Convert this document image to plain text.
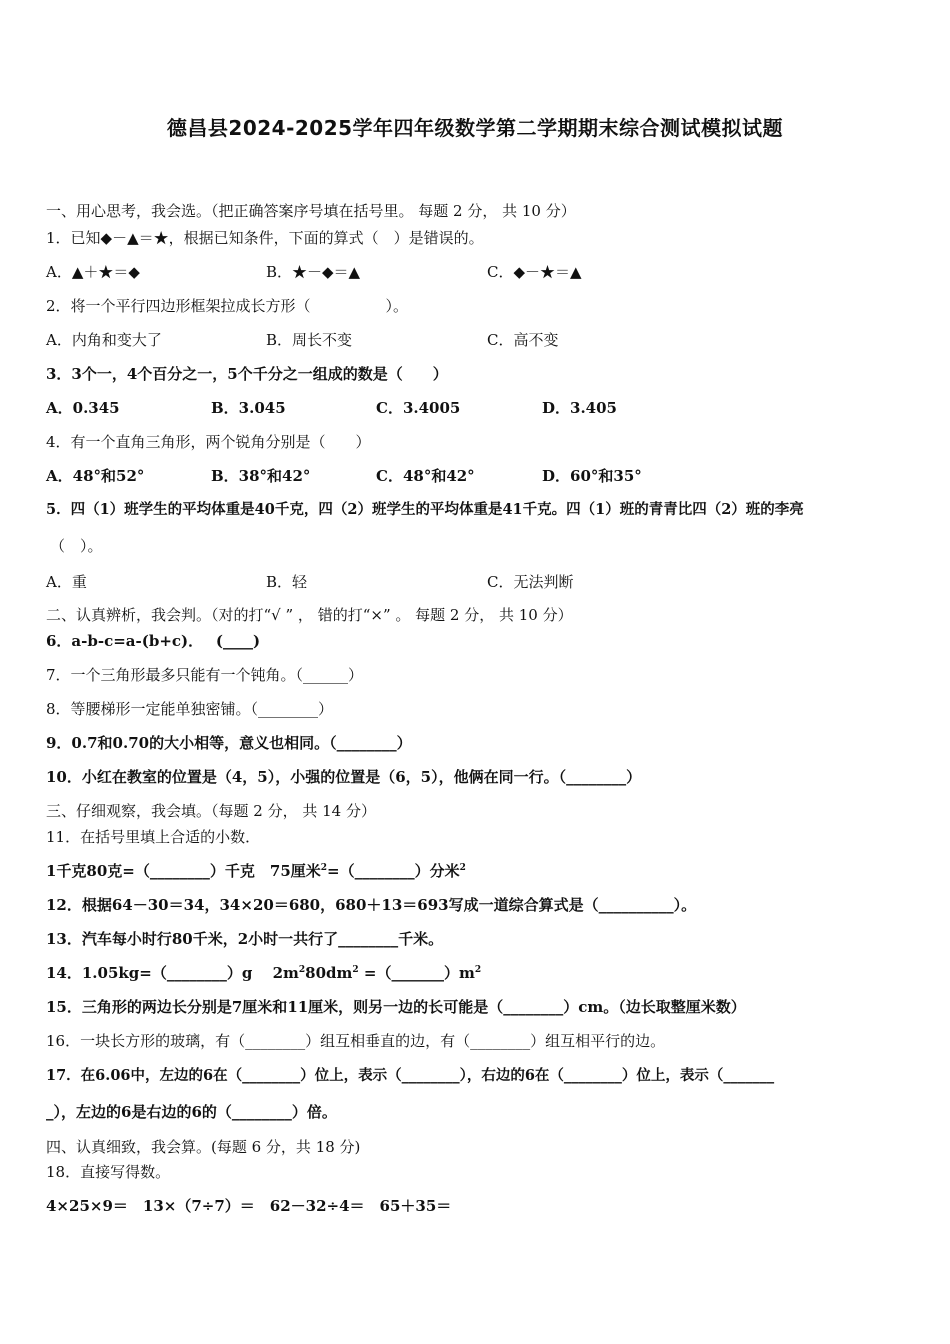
德昌县2024-2025学年四年级数学第二学期期末综合测试模拟试题
一、用心思考，我会选。（把正确答案序号填在括号里。 每题 2 分， 共 10 分）
1．已知◆－▲＝★，根据已知条件，下面的算式（　）是错误的。
A．▲＋★＝◆	B．★－◆＝▲	C．◆－★＝▲
2．将一个平行四边形框架拉成长方形（　　　　　）。
A．内角和变大了	B．周长不变	C．高不变
3．3个一，4个百分之一，5个千分之一组成的数是（　　）
A．0.345	B．3.045	C．3.4005	D．3.405
4．有一个直角三角形，两个锐角分别是（　　）
A．48°和52°	B．38°和42°	C．48°和42°	D．60°和35°
5．四（1）班学生的平均体重是40千克，四（2）班学生的平均体重是41千克。四（1）班的青青比四（2）班的李亮
（　）。
A．重	B．轻	C．无法判断
二、认真辨析，我会判。（对的打“√ ” ， 错的打“×” 。 每题 2 分， 共 10 分）
6．a-b-c=a-(b+c)．　 (____)
7．一个三角形最多只能有一个钝角。（______）
8．等腰梯形一定能单独密铺。（________）
9．0.7和0.70的大小相等，意义也相同。（________）
10．小红在教室的位置是（4，5），小强的位置是（6，5），他俩在同一行。（________）
三、仔细观察，我会填。（每题 2 分， 共 14 分）
11．在括号里填上合适的小数．
1千克80克=（________）千克　75厘米$^2$=（________）分米$^2$
12．根据64－30＝34，34×20＝680，680＋13＝693写成一道综合算式是（__________）。
13．汽车每小时行80千米，2小时一共行了________千米。
14．1.05kg=（________）g　 $2m^280dm^2$ $=(\_\_\_\_\_\_\_)m^2$
15．三角形的两边长分别是7厘米和11厘米，则另一边的长可能是（________）cm。（边长取整厘米数）
16．一块长方形的玻璃，有（________）组互相垂直的边，有（________）组互相平行的边。
17．在6.06中，左边的6在（________）位上，表示（________），右边的6在（________）位上，表示（_______
_），左边的6是右边的6的（________）倍。
四、认真细致，我会算。(每题 6 分，共 18 分)
18．直接写得数。
4×25×9＝　13×（7÷7）＝　62－32÷4＝　65＋35＝
